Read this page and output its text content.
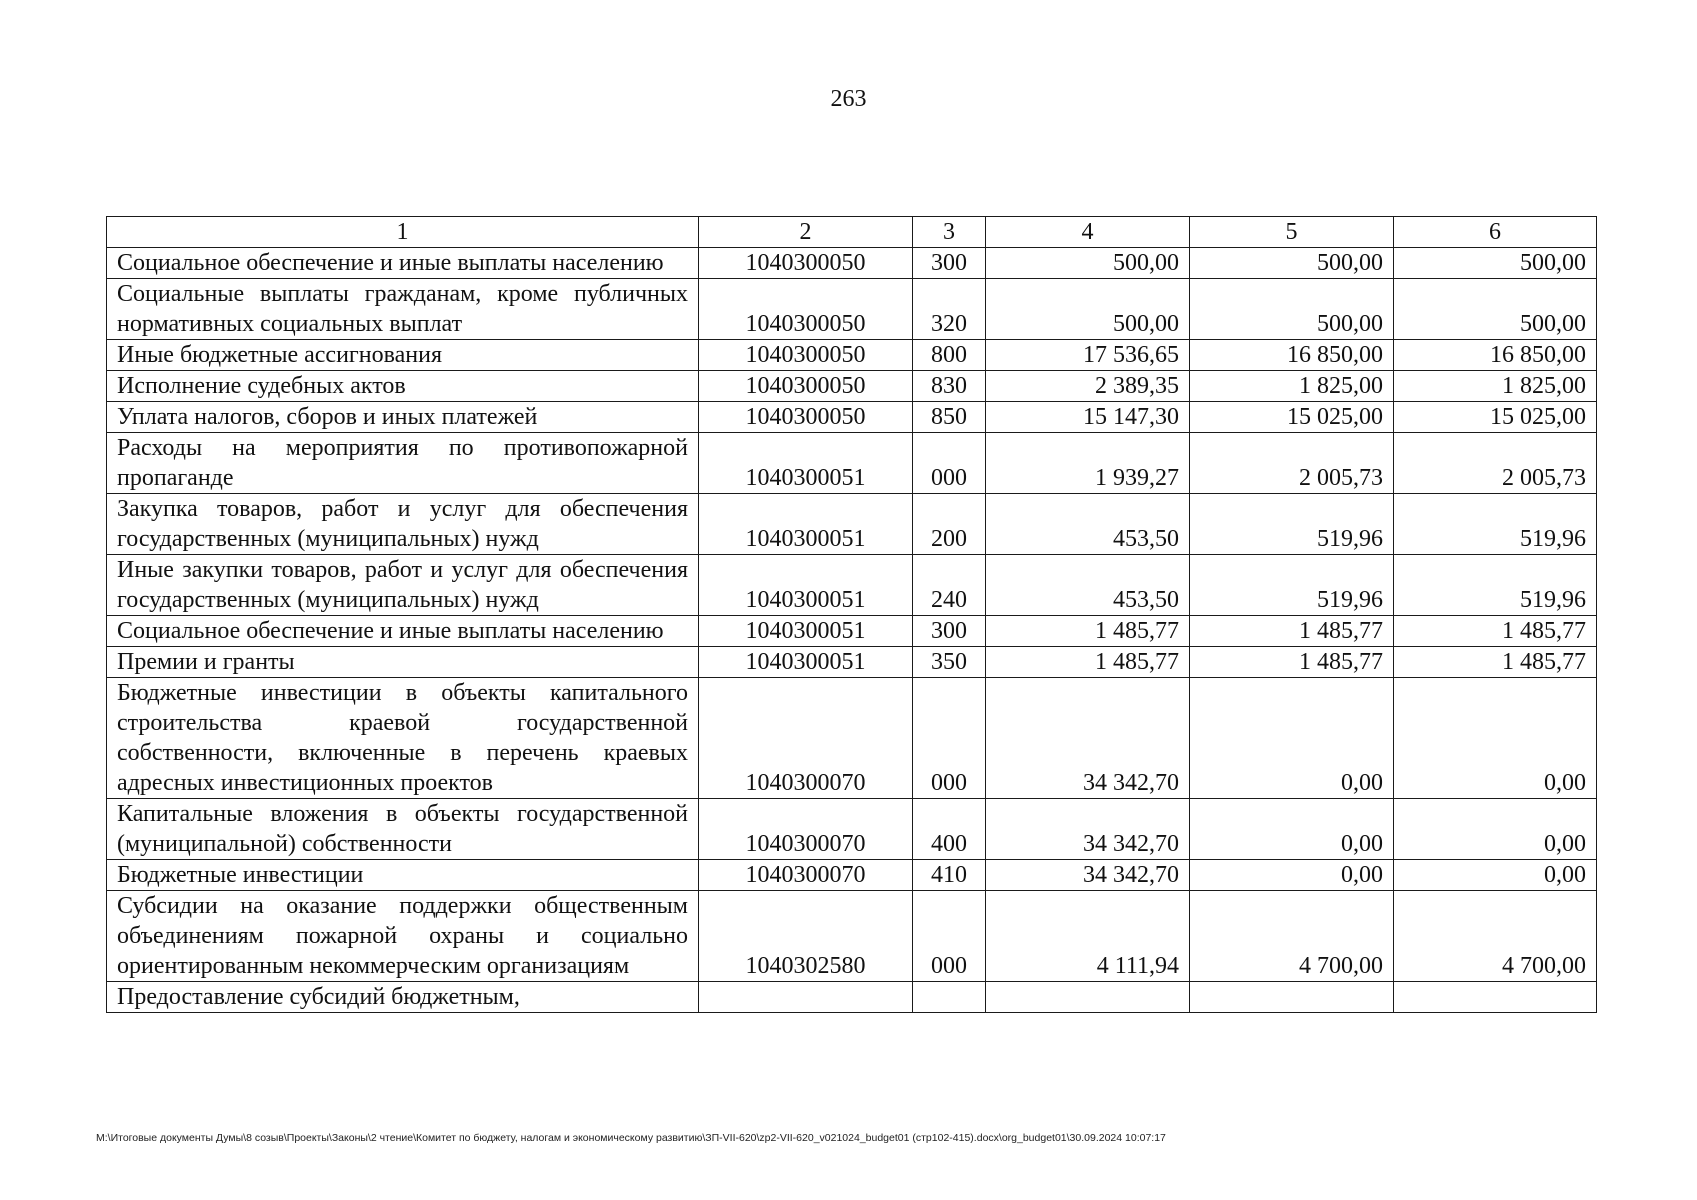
263
1	2	3	4	5	6
Социальное обеспечение и иные выплаты населению	1040300050	300	500,00	500,00	500,00
Социальные выплаты гражданам, кроме публичных нормативных социальных выплат	1040300050	320	500,00	500,00	500,00
Иные бюджетные ассигнования	1040300050	800	17 536,65	16 850,00	16 850,00
Исполнение судебных актов	1040300050	830	2 389,35	1 825,00	1 825,00
Уплата налогов, сборов и иных платежей	1040300050	850	15 147,30	15 025,00	15 025,00
Расходы на мероприятия по противопожарной пропаганде	1040300051	000	1 939,27	2 005,73	2 005,73
Закупка товаров, работ и услуг для обеспечения государственных (муниципальных) нужд	1040300051	200	453,50	519,96	519,96
Иные закупки товаров, работ и услуг для обеспечения государственных (муниципальных) нужд	1040300051	240	453,50	519,96	519,96
Социальное обеспечение и иные выплаты населению	1040300051	300	1 485,77	1 485,77	1 485,77
Премии и гранты	1040300051	350	1 485,77	1 485,77	1 485,77
Бюджетные инвестиции в объекты капитального строительства краевой государственной собственности, включенные в перечень краевых адресных инвестиционных проектов	1040300070	000	34 342,70	0,00	0,00
Капитальные вложения в объекты государственной (муниципальной) собственности	1040300070	400	34 342,70	0,00	0,00
Бюджетные инвестиции	1040300070	410	34 342,70	0,00	0,00
Субсидии на оказание поддержки общественным объединениям пожарной охраны и социально ориентированным некоммерческим организациям	1040302580	000	4 111,94	4 700,00	4 700,00
Предоставление субсидий бюджетным,					
M:\Итоговые документы Думы\8 созыв\Проекты\Законы\2 чтение\Комитет по бюджету, налогам и экономическому развитию\ЗП-VII-620\zp2-VII-620_v021024_budget01 (стр102-415).docx\org_budget01\30.09.2024 10:07:17
